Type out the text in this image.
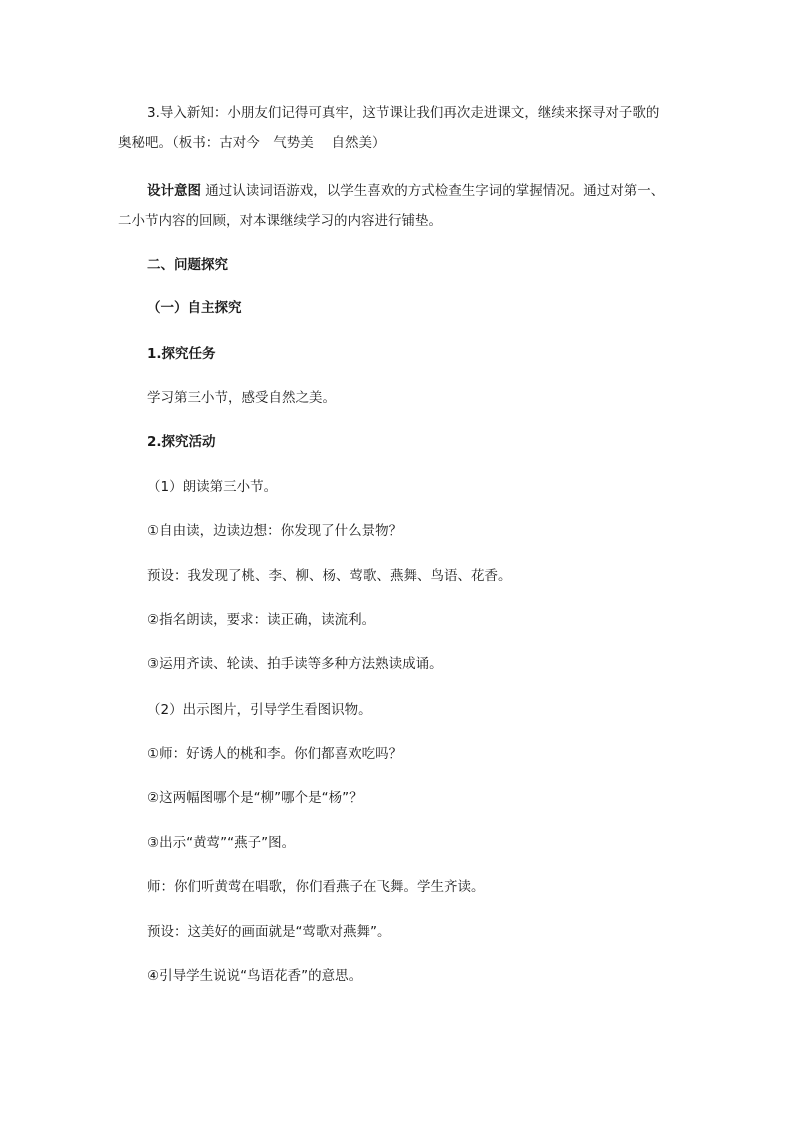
3.导入新知：小朋友们记得可真牢，这节课让我们再次走进课文，继续来探寻对子歌的
奥秘吧。（板书：古对今　气势美　 自然美）
设计意图 通过认读词语游戏，以学生喜欢的方式检查生字词的掌握情况。通过对第一、
二小节内容的回顾，对本课继续学习的内容进行铺垫。
二、问题探究
（一）自主探究
1.探究任务
学习第三小节，感受自然之美。
2.探究活动
（1）朗读第三小节。
①自由读，边读边想：你发现了什么景物？
预设：我发现了桃、李、柳、杨、莺歌、燕舞、鸟语、花香。
②指名朗读，要求：读正确，读流利。
③运用齐读、轮读、拍手读等多种方法熟读成诵。
（2）出示图片，引导学生看图识物。
①师：好诱人的桃和李。你们都喜欢吃吗？
②这两幅图哪个是“柳”哪个是“杨”？
③出示“黄莺”“燕子”图。
师：你们听黄莺在唱歌，你们看燕子在飞舞。学生齐读。
预设：这美好的画面就是“莺歌对燕舞”。
④引导学生说说“鸟语花香”的意思。
